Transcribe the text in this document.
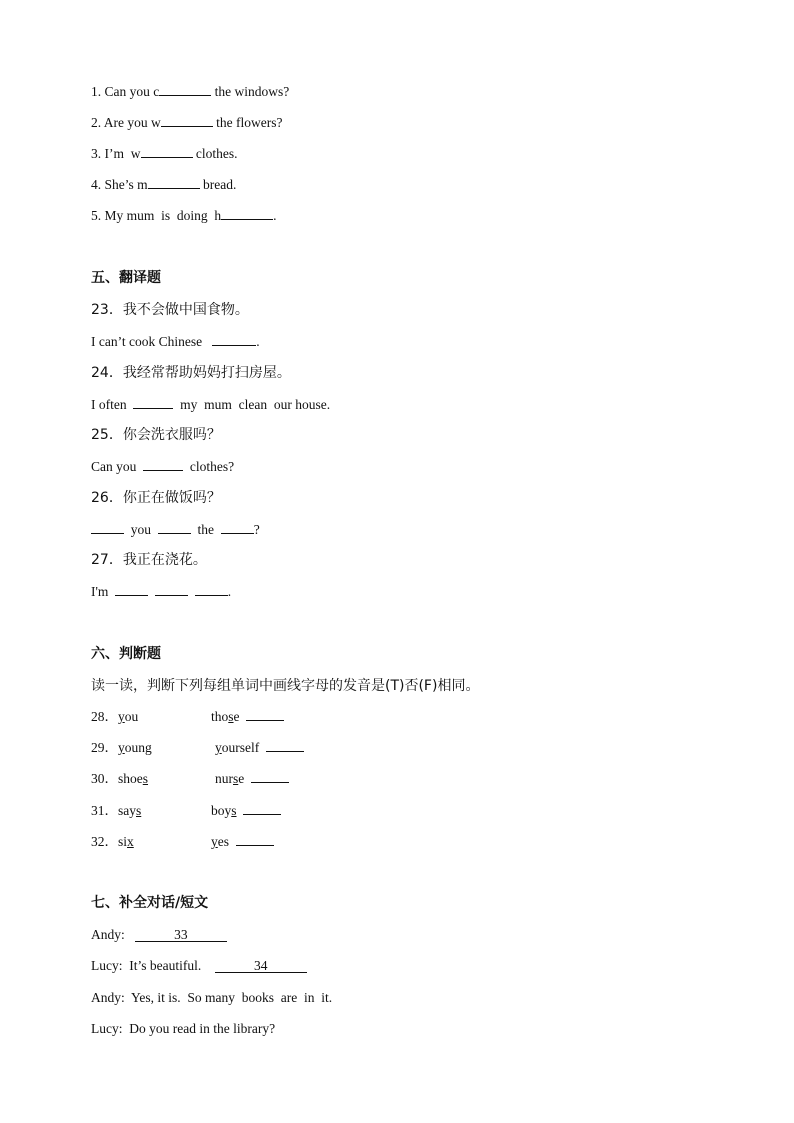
1. Can you c	the windows?
2. Are you w	the flowers?
3. I’m  w	clothes.
4. She’s m	bread.
5. My mum  is  doing  h	.
五、翻译题
23．我不会做中国食物。
I can’t cook Chinese	.
24．我经常帮助妈妈打扫房屋。
I often	my  mum  clean  our house.
25．你会洗衣服吗？
Can you	clothes?
26．你正在做饭吗？
you	the	?
27．我正在浇花。
I'm	.
六、判断题
读一读，判断下列每组单词中画线字母的发音是(T)否(F)相同。
28．you	those
29．young	yourself
30．shoes	nurse
31．says	boys
32．six	yes
七、补全对话/短文
Andy:	33
Lucy: It’s beautiful.	34
Andy: Yes, it is.  So many  books  are  in  it.
Lucy: Do you read in the library?
